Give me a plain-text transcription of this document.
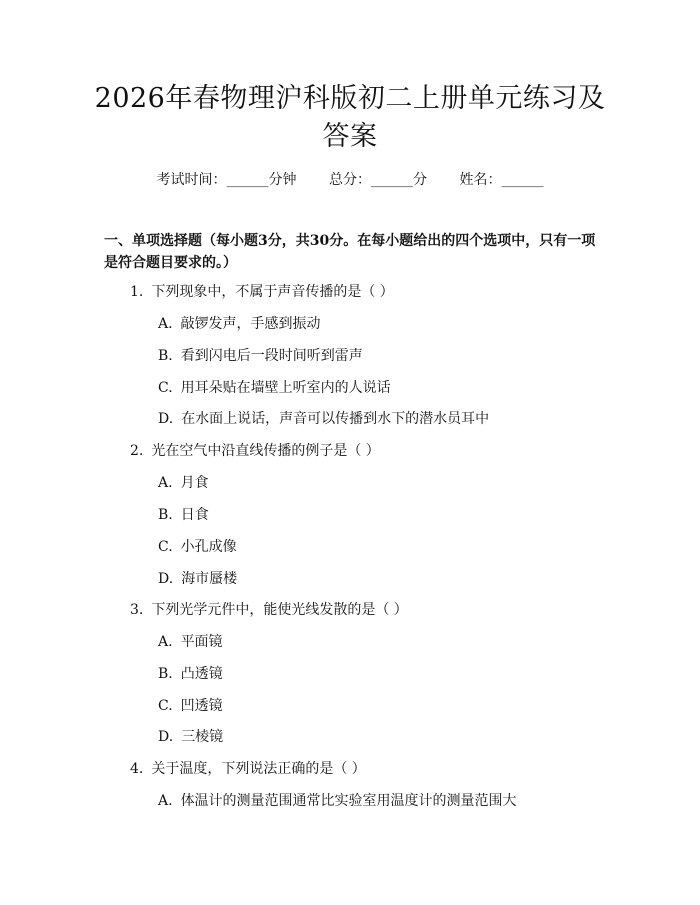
2026年春物理沪科版初二上册单元练习及答案
考试时间：______分钟 总分：______分 姓名：______

一、单项选择题（每小题3分，共30分。在每小题给出的四个选项中，只有一项是符合题目要求的。）

1. 下列现象中，不属于声音传播的是（ ）
A. 敲锣发声，手感到振动
B. 看到闪电后一段时间听到雷声
C. 用耳朵贴在墙壁上听室内的人说话
D. 在水面上说话，声音可以传播到水下的潜水员耳中
2. 光在空气中沿直线传播的例子是（ ）
A. 月食
B. 日食
C. 小孔成像
D. 海市蜃楼
3. 下列光学元件中，能使光线发散的是（ ）
A. 平面镜
B. 凸透镜
C. 凹透镜
D. 三棱镜
4. 关于温度，下列说法正确的是（ ）
A. 体温计的测量范围通常比实验室用温度计的测量范围大
